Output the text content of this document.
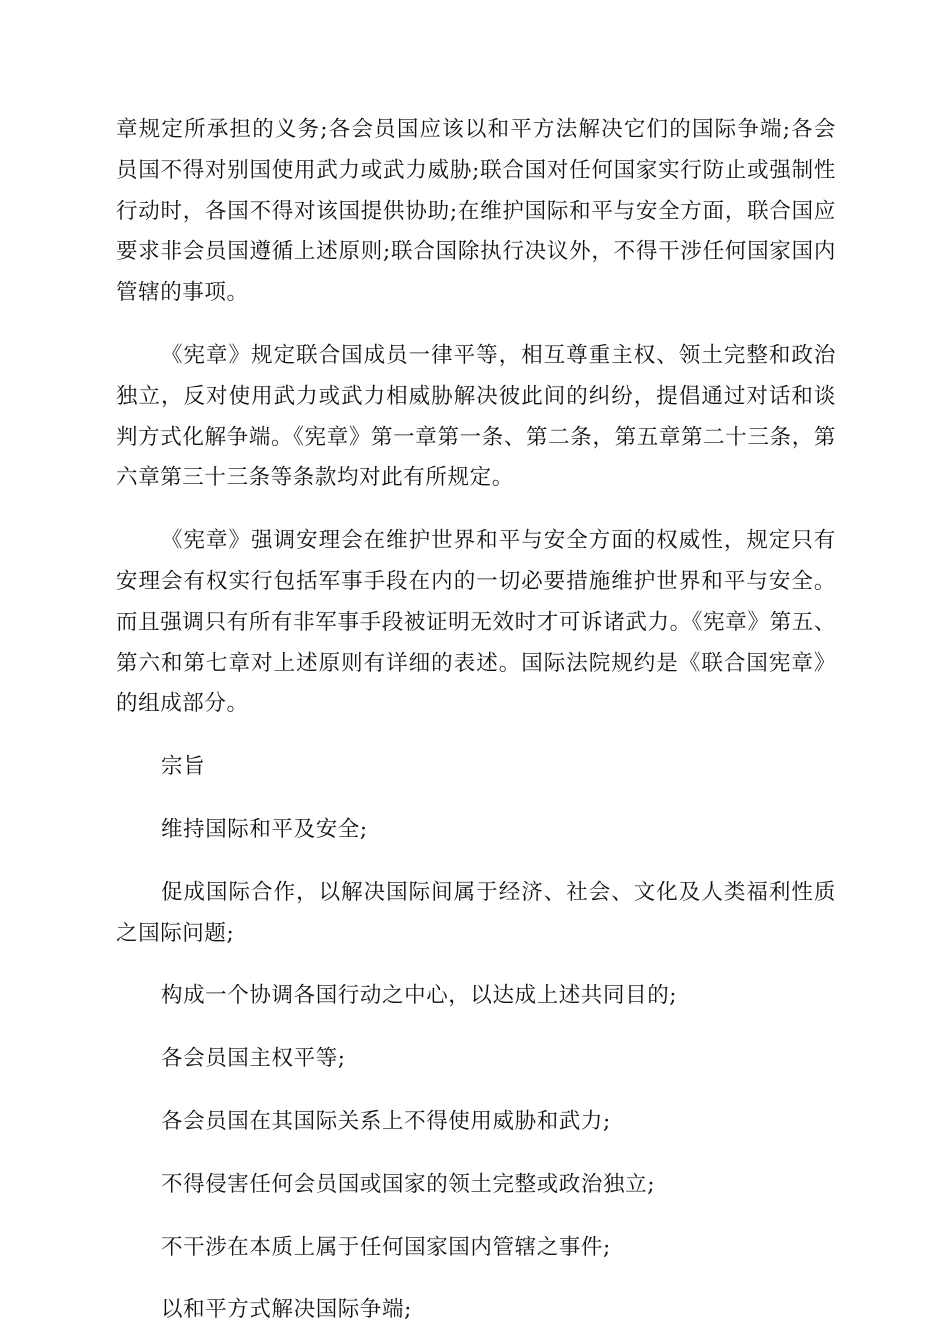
章规定所承担的义务;各会员国应该以和平方法解决它们的国际争端;各会员国不得对别国使用武力或武力威胁;联合国对任何国家实行防止或强制性行动时，各国不得对该国提供协助;在维护国际和平与安全方面，联合国应要求非会员国遵循上述原则;联合国除执行决议外，不得干涉任何国家国内管辖的事项。

《宪章》规定联合国成员一律平等，相互尊重主权、领土完整和政治独立，反对使用武力或武力相威胁解决彼此间的纠纷，提倡通过对话和谈判方式化解争端。《宪章》第一章第一条、第二条，第五章第二十三条，第六章第三十三条等条款均对此有所规定。

《宪章》强调安理会在维护世界和平与安全方面的权威性，规定只有安理会有权实行包括军事手段在内的一切必要措施维护世界和平与安全。而且强调只有所有非军事手段被证明无效时才可诉诸武力。《宪章》第五、第六和第七章对上述原则有详细的表述。国际法院规约是《联合国宪章》的组成部分。

宗旨

维持国际和平及安全;

促成国际合作，以解决国际间属于经济、社会、文化及人类福利性质之国际问题;

构成一个协调各国行动之中心，以达成上述共同目的;

各会员国主权平等;

各会员国在其国际关系上不得使用威胁和武力;

不得侵害任何会员国或国家的领土完整或政治独立;

不干涉在本质上属于任何国家国内管辖之事件;

以和平方式解决国际争端;
